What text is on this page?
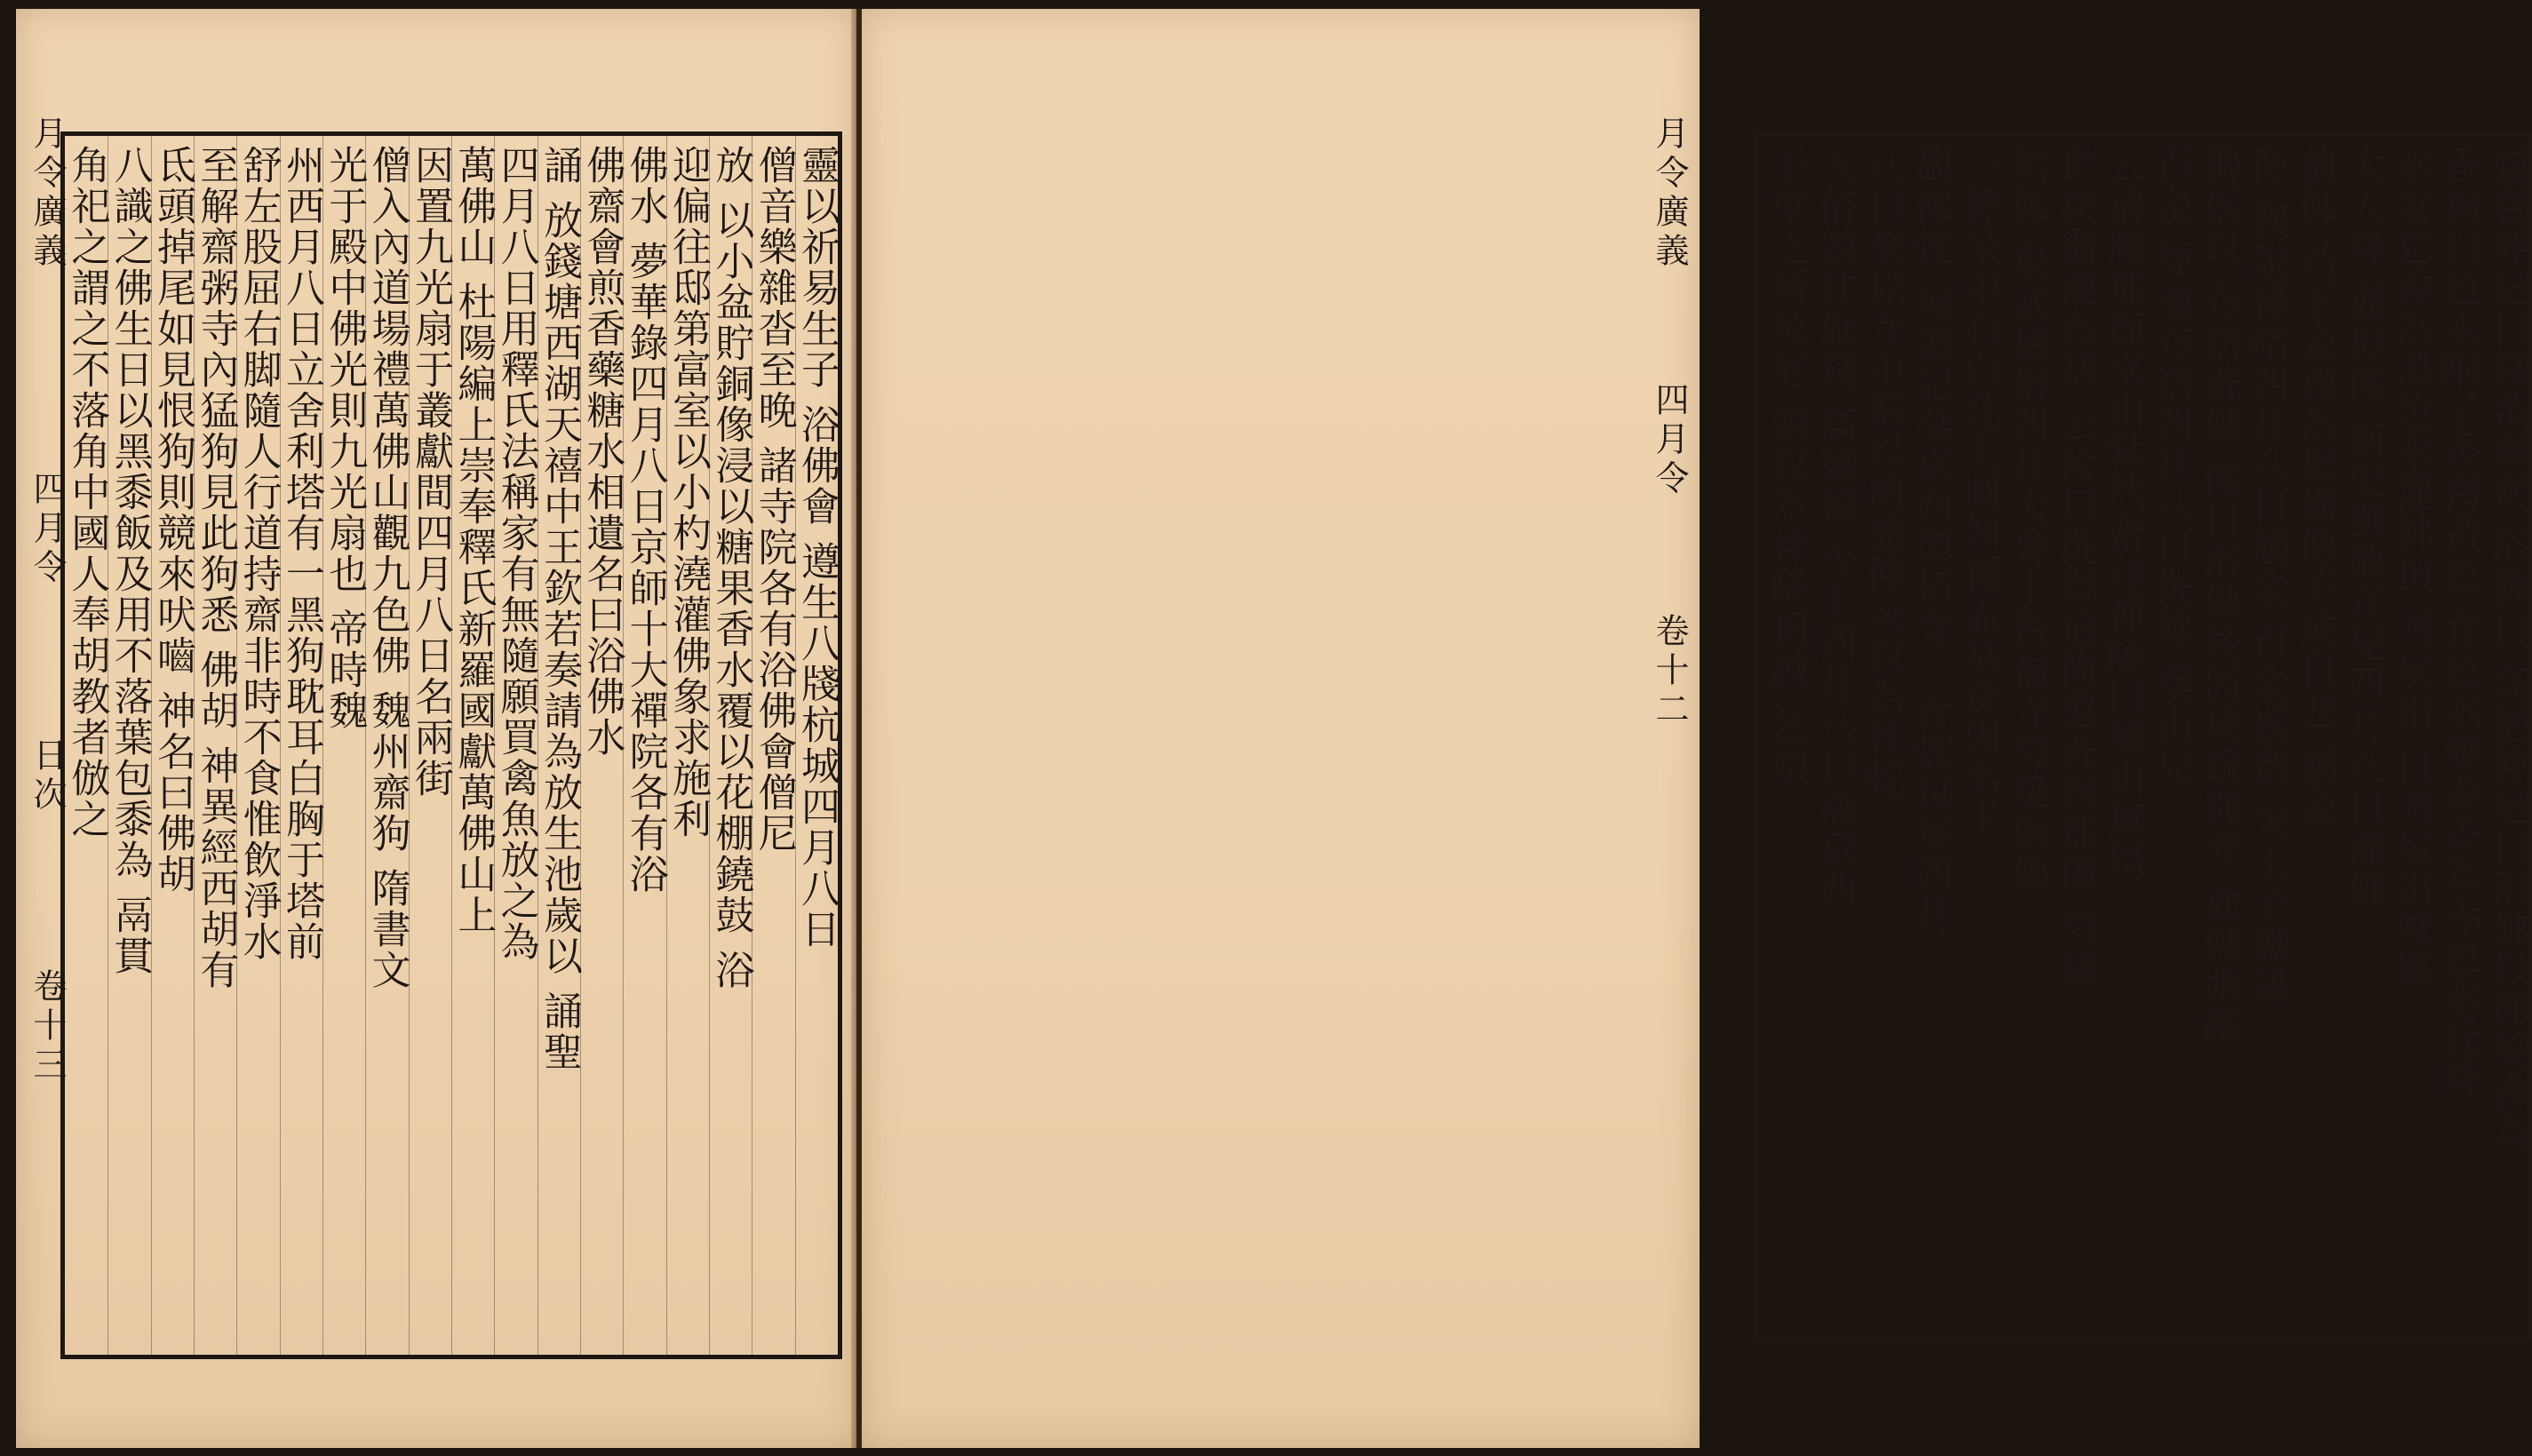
月令廣義
四月令
日次
卷十三
靈以祈易生子 浴佛會 遵生八牋杭城四月八日
僧音樂雜沓至晚 諸寺院各有浴佛會僧尼
放 以小盆貯銅像浸以糖果香水覆以花棚鐃鼓 浴
迎偏往邸第富室以小杓澆灌佛象求施利
佛水 夢華錄四月八日京師十大禪院各有浴
佛齋會煎香藥糖水相遺名曰浴佛水
誦 放錢塘西湖天禧中王欽若奏請為放生池歲以 誦聖
四月八日用釋氏法稱家有無隨願買禽魚放之為
萬佛山 杜陽編上崇奉釋氏新羅國獻萬佛山上
因置九光扇于叢獻間四月八日名兩街
僧入內道場禮萬佛山觀九色佛 魏州齋狗 隋書文
光于殿中佛光則九光扇也 帝時魏
州西月八日立舍利塔有一黑狗耽耳白胸于塔前
舒左股屈右脚隨人行道持齋非時不食惟飲淨水
至解齋粥寺內猛狗見此狗悉 佛胡 神異經西胡有
氐頭掉尾如見恨狗則競來吠嚙 神名曰佛胡
八識之佛生日以黑黍飯及用不落葉包黍為 鬲貫
角祀之謂之不落角中國人奉胡教者倣之	月令廣義
四月令
卷十二	靈寶經是日修啟壽齋 浴佛日 高僧傳是日浴佛以都梁香為
香寫白色水附子香寫黃色 青色水鬱金香為赤色水丘降
水安息香為黑色水灌佛頂 明星出 日明星出摩耶
大人降 灌毋像 南史劉敬宣見四月八日灌佛
前佛 乃下金鏡為毋灌像不成自悲 溺金
像 輿說孫皓四月八日溺金 百金襯齋 宋王子鸞建
獨襯以 布衲洗佛 像日浴佛後因病懺悔差 灌佛張融
百金 經遵布衲四月八日洗佛 藥山見
云清將那箇來山默然密印禪師曰藥山無風
世淡谿灌布衲 云汝只洗得這箇還洗得那箇 芍藥
供佛 東武舊俗四月大會于資福寺芍藥供佛
一餘朵中有白花上圓如覆盂甚奇因名玉
觀佛蛇 宛署記燕京西潭柘寺二青蛇每年四月
八日來見寺中僧以函盛傳玩以為神蛇
入俗競往施錢 高梁橋 今上四月八日燕京西
于壁之所免厄 俯以為神降頂誠 乞娘
